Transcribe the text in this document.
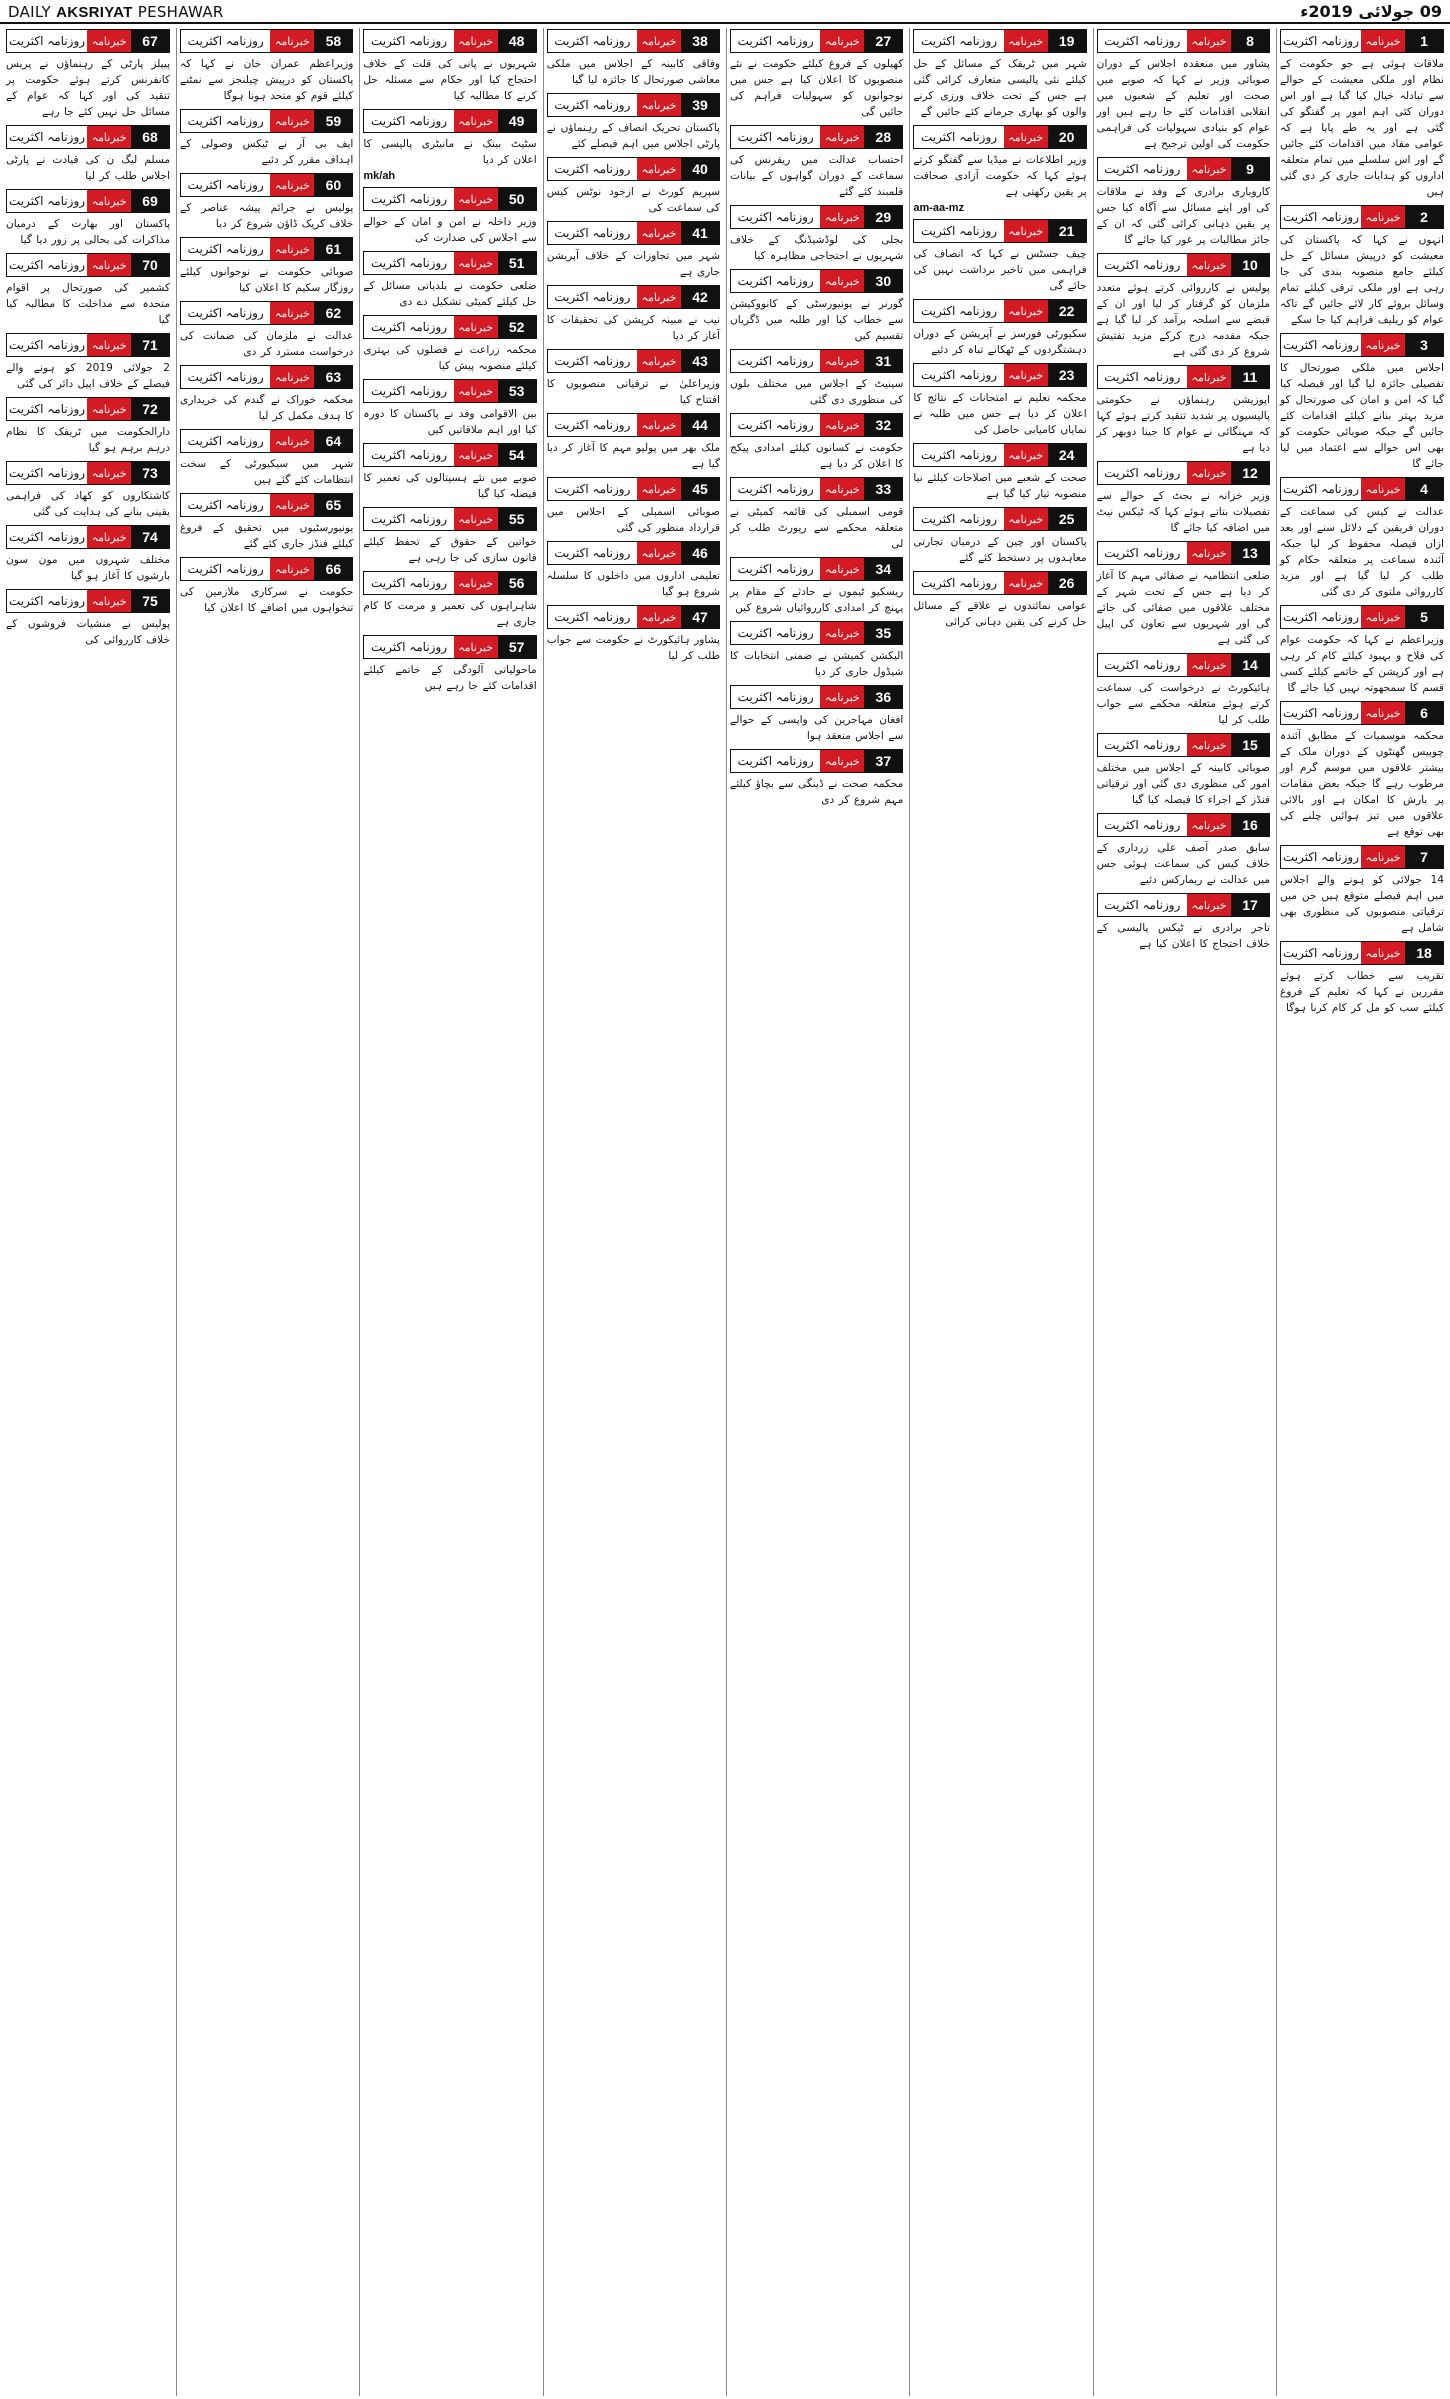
DAILY AKSRIYAT PESHAWAR	09 جولائی 2019ء
1
خبرنامہ
روزنامہ اکثریت
ملاقات ہوئی ہے جو حکومت کے نظام اور ملکی معیشت کے حوالے سے تبادلہ خیال کیا گیا ہے اور اس دوران کئی اہم امور پر گفتگو کی گئی ہے اور یہ طے پایا ہے کہ عوامی مفاد میں اقدامات کئے جائیں گے اور اس سلسلے میں تمام متعلقہ اداروں کو ہدایات جاری کر دی گئی ہیں
2
خبرنامہ
روزنامہ اکثریت
انہوں نے کہا کہ پاکستان کی معیشت کو درپیش مسائل کے حل کیلئے جامع منصوبہ بندی کی جا رہی ہے اور ملکی ترقی کیلئے تمام وسائل بروئے کار لائے جائیں گے تاکہ عوام کو ریلیف فراہم کیا جا سکے
3
خبرنامہ
روزنامہ اکثریت
اجلاس میں ملکی صورتحال کا تفصیلی جائزہ لیا گیا اور فیصلہ کیا گیا کہ امن و امان کی صورتحال کو مزید بہتر بنانے کیلئے اقدامات کئے جائیں گے جبکہ صوبائی حکومت کو بھی اس حوالے سے اعتماد میں لیا جائے گا
4
خبرنامہ
روزنامہ اکثریت
عدالت نے کیس کی سماعت کے دوران فریقین کے دلائل سنے اور بعد ازاں فیصلہ محفوظ کر لیا جبکہ آئندہ سماعت پر متعلقہ حکام کو طلب کر لیا گیا ہے اور مزید کارروائی ملتوی کر دی گئی
5
خبرنامہ
روزنامہ اکثریت
وزیراعظم نے کہا کہ حکومت عوام کی فلاح و بہبود کیلئے کام کر رہی ہے اور کرپشن کے خاتمے کیلئے کسی قسم کا سمجھوتہ نہیں کیا جائے گا
6
خبرنامہ
روزنامہ اکثریت
محکمہ موسمیات کے مطابق آئندہ چوبیس گھنٹوں کے دوران ملک کے بیشتر علاقوں میں موسم گرم اور مرطوب رہے گا جبکہ بعض مقامات پر بارش کا امکان ہے اور بالائی علاقوں میں تیز ہوائیں چلنے کی بھی توقع ہے
7
خبرنامہ
روزنامہ اکثریت
14 جولائی کو ہونے والے اجلاس میں اہم فیصلے متوقع ہیں جن میں ترقیاتی منصوبوں کی منظوری بھی شامل ہے
18
خبرنامہ
روزنامہ اکثریت
تقریب سے خطاب کرتے ہوئے مقررین نے کہا کہ تعلیم کے فروغ کیلئے سب کو مل کر کام کرنا ہوگا
8
خبرنامہ
روزنامہ اکثریت
پشاور میں منعقدہ اجلاس کے دوران صوبائی وزیر نے کہا کہ صوبے میں صحت اور تعلیم کے شعبوں میں انقلابی اقدامات کئے جا رہے ہیں اور عوام کو بنیادی سہولیات کی فراہمی حکومت کی اولین ترجیح ہے
9
خبرنامہ
روزنامہ اکثریت
کاروباری برادری کے وفد نے ملاقات کی اور اپنے مسائل سے آگاہ کیا جس پر یقین دہانی کرائی گئی کہ ان کے جائز مطالبات پر غور کیا جائے گا
10
خبرنامہ
روزنامہ اکثریت
پولیس نے کارروائی کرتے ہوئے متعدد ملزمان کو گرفتار کر لیا اور ان کے قبضے سے اسلحہ برآمد کر لیا گیا ہے جبکہ مقدمہ درج کرکے مزید تفتیش شروع کر دی گئی ہے
11
خبرنامہ
روزنامہ اکثریت
اپوزیشن رہنماؤں نے حکومتی پالیسیوں پر شدید تنقید کرتے ہوئے کہا کہ مہنگائی نے عوام کا جینا دوبھر کر دیا ہے
12
خبرنامہ
روزنامہ اکثریت
وزیر خزانہ نے بجٹ کے حوالے سے تفصیلات بتاتے ہوئے کہا کہ ٹیکس نیٹ میں اضافہ کیا جائے گا
13
خبرنامہ
روزنامہ اکثریت
ضلعی انتظامیہ نے صفائی مہم کا آغاز کر دیا ہے جس کے تحت شہر کے مختلف علاقوں میں صفائی کی جائے گی اور شہریوں سے تعاون کی اپیل کی گئی ہے
14
خبرنامہ
روزنامہ اکثریت
ہائیکورٹ نے درخواست کی سماعت کرتے ہوئے متعلقہ محکمے سے جواب طلب کر لیا
15
خبرنامہ
روزنامہ اکثریت
صوبائی کابینہ کے اجلاس میں مختلف امور کی منظوری دی گئی اور ترقیاتی فنڈز کے اجراء کا فیصلہ کیا گیا
16
خبرنامہ
روزنامہ اکثریت
سابق صدر آصف علی زرداری کے خلاف کیس کی سماعت ہوئی جس میں عدالت نے ریمارکس دئیے
17
خبرنامہ
روزنامہ اکثریت
تاجر برادری نے ٹیکس پالیسی کے خلاف احتجاج کا اعلان کیا ہے
19
خبرنامہ
روزنامہ اکثریت
شہر میں ٹریفک کے مسائل کے حل کیلئے نئی پالیسی متعارف کرائی گئی ہے جس کے تحت خلاف ورزی کرنے والوں کو بھاری جرمانے کئے جائیں گے
20
خبرنامہ
روزنامہ اکثریت
وزیر اطلاعات نے میڈیا سے گفتگو کرتے ہوئے کہا کہ حکومت آزادی صحافت پر یقین رکھتی ہے
am-aa-mz
21
خبرنامہ
روزنامہ اکثریت
چیف جسٹس نے کہا کہ انصاف کی فراہمی میں تاخیر برداشت نہیں کی جائے گی
22
خبرنامہ
روزنامہ اکثریت
سکیورٹی فورسز نے آپریشن کے دوران دہشتگردوں کے ٹھکانے تباہ کر دئیے
23
خبرنامہ
روزنامہ اکثریت
محکمہ تعلیم نے امتحانات کے نتائج کا اعلان کر دیا ہے جس میں طلبہ نے نمایاں کامیابی حاصل کی
24
خبرنامہ
روزنامہ اکثریت
صحت کے شعبے میں اصلاحات کیلئے نیا منصوبہ تیار کیا گیا ہے
25
خبرنامہ
روزنامہ اکثریت
پاکستان اور چین کے درمیان تجارتی معاہدوں پر دستخط کئے گئے
26
خبرنامہ
روزنامہ اکثریت
عوامی نمائندوں نے علاقے کے مسائل حل کرنے کی یقین دہانی کرائی
27
خبرنامہ
روزنامہ اکثریت
کھیلوں کے فروغ کیلئے حکومت نے نئے منصوبوں کا اعلان کیا ہے جس میں نوجوانوں کو سہولیات فراہم کی جائیں گی
28
خبرنامہ
روزنامہ اکثریت
احتساب عدالت میں ریفرنس کی سماعت کے دوران گواہوں کے بیانات قلمبند کئے گئے
29
خبرنامہ
روزنامہ اکثریت
بجلی کی لوڈشیڈنگ کے خلاف شہریوں نے احتجاجی مظاہرہ کیا
30
خبرنامہ
روزنامہ اکثریت
گورنر نے یونیورسٹی کے کانووکیشن سے خطاب کیا اور طلبہ میں ڈگریاں تقسیم کیں
31
خبرنامہ
روزنامہ اکثریت
سینیٹ کے اجلاس میں مختلف بلوں کی منظوری دی گئی
32
خبرنامہ
روزنامہ اکثریت
حکومت نے کسانوں کیلئے امدادی پیکج کا اعلان کر دیا ہے
33
خبرنامہ
روزنامہ اکثریت
قومی اسمبلی کی قائمہ کمیٹی نے متعلقہ محکمے سے رپورٹ طلب کر لی
34
خبرنامہ
روزنامہ اکثریت
ریسکیو ٹیموں نے حادثے کے مقام پر پہنچ کر امدادی کارروائیاں شروع کیں
35
خبرنامہ
روزنامہ اکثریت
الیکشن کمیشن نے ضمنی انتخابات کا شیڈول جاری کر دیا
36
خبرنامہ
روزنامہ اکثریت
افغان مہاجرین کی واپسی کے حوالے سے اجلاس منعقد ہوا
37
خبرنامہ
روزنامہ اکثریت
محکمہ صحت نے ڈینگی سے بچاؤ کیلئے مہم شروع کر دی
38
خبرنامہ
روزنامہ اکثریت
وفاقی کابینہ کے اجلاس میں ملکی معاشی صورتحال کا جائزہ لیا گیا
39
خبرنامہ
روزنامہ اکثریت
پاکستان تحریک انصاف کے رہنماؤں نے پارٹی اجلاس میں اہم فیصلے کئے
40
خبرنامہ
روزنامہ اکثریت
سپریم کورٹ نے ازخود نوٹس کیس کی سماعت کی
41
خبرنامہ
روزنامہ اکثریت
شہر میں تجاوزات کے خلاف آپریشن جاری ہے
42
خبرنامہ
روزنامہ اکثریت
نیب نے مبینہ کرپشن کی تحقیقات کا آغاز کر دیا
43
خبرنامہ
روزنامہ اکثریت
وزیراعلیٰ نے ترقیاتی منصوبوں کا افتتاح کیا
44
خبرنامہ
روزنامہ اکثریت
ملک بھر میں پولیو مہم کا آغاز کر دیا گیا ہے
45
خبرنامہ
روزنامہ اکثریت
صوبائی اسمبلی کے اجلاس میں قرارداد منظور کی گئی
46
خبرنامہ
روزنامہ اکثریت
تعلیمی اداروں میں داخلوں کا سلسلہ شروع ہو گیا
47
خبرنامہ
روزنامہ اکثریت
پشاور ہائیکورٹ نے حکومت سے جواب طلب کر لیا
48
خبرنامہ
روزنامہ اکثریت
شہریوں نے پانی کی قلت کے خلاف احتجاج کیا اور حکام سے مسئلہ حل کرنے کا مطالبہ کیا
49
خبرنامہ
روزنامہ اکثریت
سٹیٹ بینک نے مانیٹری پالیسی کا اعلان کر دیا
mk/ah
50
خبرنامہ
روزنامہ اکثریت
وزیر داخلہ نے امن و امان کے حوالے سے اجلاس کی صدارت کی
51
خبرنامہ
روزنامہ اکثریت
ضلعی حکومت نے بلدیاتی مسائل کے حل کیلئے کمیٹی تشکیل دے دی
52
خبرنامہ
روزنامہ اکثریت
محکمہ زراعت نے فصلوں کی بہتری کیلئے منصوبہ پیش کیا
53
خبرنامہ
روزنامہ اکثریت
بین الاقوامی وفد نے پاکستان کا دورہ کیا اور اہم ملاقاتیں کیں
54
خبرنامہ
روزنامہ اکثریت
صوبے میں نئے ہسپتالوں کی تعمیر کا فیصلہ کیا گیا
55
خبرنامہ
روزنامہ اکثریت
خواتین کے حقوق کے تحفظ کیلئے قانون سازی کی جا رہی ہے
56
خبرنامہ
روزنامہ اکثریت
شاہراہوں کی تعمیر و مرمت کا کام جاری ہے
57
خبرنامہ
روزنامہ اکثریت
ماحولیاتی آلودگی کے خاتمے کیلئے اقدامات کئے جا رہے ہیں
58
خبرنامہ
روزنامہ اکثریت
وزیراعظم عمران خان نے کہا کہ پاکستان کو درپیش چیلنجز سے نمٹنے کیلئے قوم کو متحد ہونا ہوگا
59
خبرنامہ
روزنامہ اکثریت
ایف بی آر نے ٹیکس وصولی کے اہداف مقرر کر دئیے
60
خبرنامہ
روزنامہ اکثریت
پولیس نے جرائم پیشہ عناصر کے خلاف کریک ڈاؤن شروع کر دیا
61
خبرنامہ
روزنامہ اکثریت
صوبائی حکومت نے نوجوانوں کیلئے روزگار سکیم کا اعلان کیا
62
خبرنامہ
روزنامہ اکثریت
عدالت نے ملزمان کی ضمانت کی درخواست مسترد کر دی
63
خبرنامہ
روزنامہ اکثریت
محکمہ خوراک نے گندم کی خریداری کا ہدف مکمل کر لیا
64
خبرنامہ
روزنامہ اکثریت
شہر میں سیکیورٹی کے سخت انتظامات کئے گئے ہیں
65
خبرنامہ
روزنامہ اکثریت
یونیورسٹیوں میں تحقیق کے فروغ کیلئے فنڈز جاری کئے گئے
66
خبرنامہ
روزنامہ اکثریت
حکومت نے سرکاری ملازمین کی تنخواہوں میں اضافے کا اعلان کیا
67
خبرنامہ
روزنامہ اکثریت
پیپلز پارٹی کے رہنماؤں نے پریس کانفرنس کرتے ہوئے حکومت پر تنقید کی اور کہا کہ عوام کے مسائل حل نہیں کئے جا رہے
68
خبرنامہ
روزنامہ اکثریت
مسلم لیگ ن کی قیادت نے پارٹی اجلاس طلب کر لیا
69
خبرنامہ
روزنامہ اکثریت
پاکستان اور بھارت کے درمیان مذاکرات کی بحالی پر زور دیا گیا
70
خبرنامہ
روزنامہ اکثریت
کشمیر کی صورتحال پر اقوام متحدہ سے مداخلت کا مطالبہ کیا گیا
71
خبرنامہ
روزنامہ اکثریت
2 جولائی 2019 کو ہونے والے فیصلے کے خلاف اپیل دائر کی گئی
72
خبرنامہ
روزنامہ اکثریت
دارالحکومت میں ٹریفک کا نظام درہم برہم ہو گیا
73
خبرنامہ
روزنامہ اکثریت
کاشتکاروں کو کھاد کی فراہمی یقینی بنانے کی ہدایت کی گئی
74
خبرنامہ
روزنامہ اکثریت
مختلف شہروں میں مون سون بارشوں کا آغاز ہو گیا
75
خبرنامہ
روزنامہ اکثریت
پولیس نے منشیات فروشوں کے خلاف کارروائی کی
